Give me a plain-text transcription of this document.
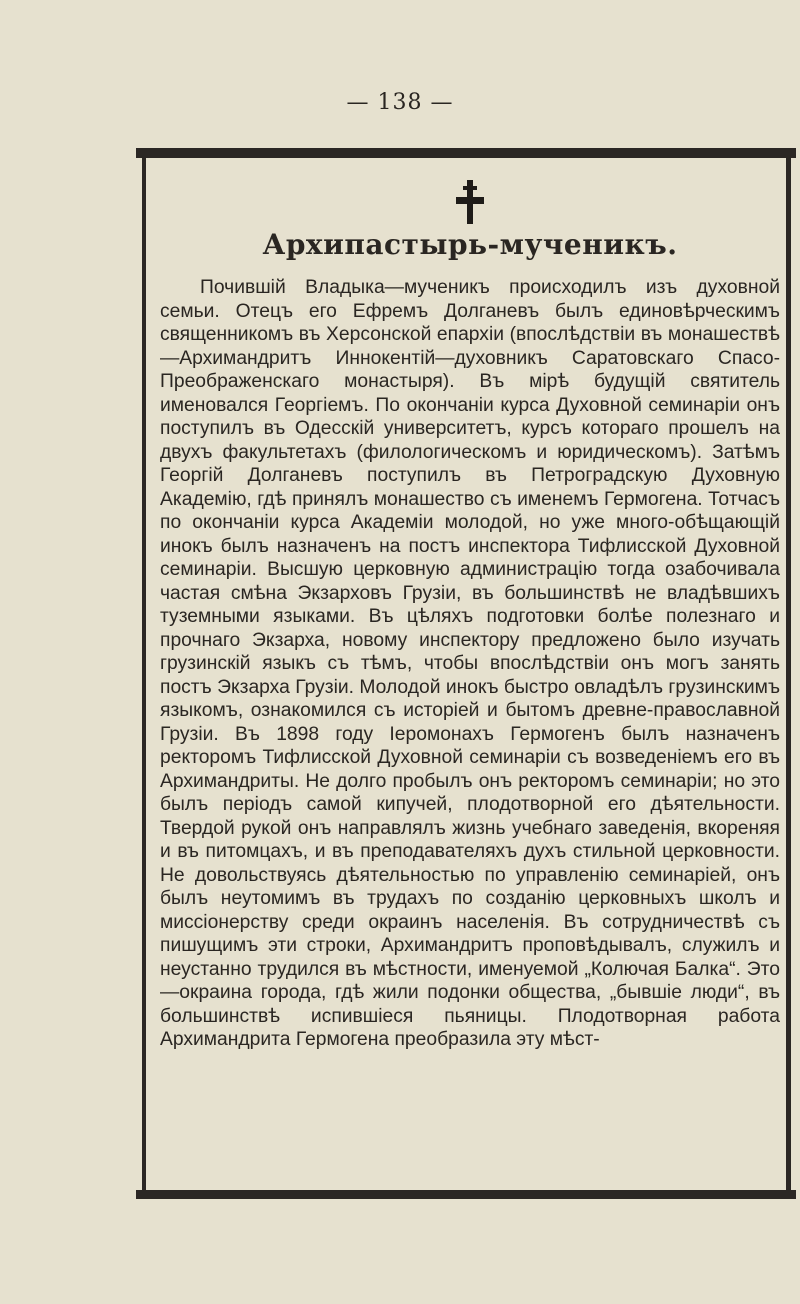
— 138 —
Архипастырь-мученикъ.

Почившій Владыка—мученикъ происходилъ изъ духовной семьи. Отецъ его Ефремъ Долганевъ былъ единовѣрческимъ священникомъ въ Херсонской епархіи (впослѣдствіи въ монашествѣ—Архимандритъ Иннокентій—духовникъ Саратовскаго Спасо-Преображенскаго монастыря). Въ мірѣ будущій святитель именовался Георгіемъ. По окончаніи курса Духовной семинаріи онъ поступилъ въ Одесскій университетъ, курсъ котораго прошелъ на двухъ факультетахъ (филологическомъ и юридическомъ). Затѣмъ Георгій Долганевъ поступилъ въ Петроградскую Духовную Академію, гдѣ принялъ монашество съ именемъ Гермогена. Тотчасъ по окончаніи курса Академіи молодой, но уже много-обѣщающій инокъ былъ назначенъ на постъ инспектора Тифлисской Духовной семинаріи. Высшую церковную администрацію тогда озабочивала частая смѣна Экзарховъ Грузіи, въ большинствѣ не владѣвшихъ туземными языками. Въ цѣляхъ подготовки болѣе полезнаго и прочнаго Экзарха, новому инспектору предложено было изучать грузинскій языкъ съ тѣмъ, чтобы впослѣдствіи онъ могъ занять постъ Экзарха Грузіи. Молодой инокъ быстро овладѣлъ грузинскимъ языкомъ, ознакомился съ исторіей и бытомъ древне-православной Грузіи. Въ 1898 году Іеромонахъ Гермогенъ былъ назначенъ ректоромъ Тифлисской Духовной семинаріи съ возведеніемъ его въ Архимандриты. Не долго пробылъ онъ ректоромъ семинаріи; но это былъ періодъ самой кипучей, плодотворной его дѣятельности. Твердой рукой онъ направлялъ жизнь учебнаго заведенія, вкореняя и въ питомцахъ, и въ преподавателяхъ духъ стильной церковности. Не довольствуясь дѣятельностью по управленію семинаріей, онъ былъ неутомимъ въ трудахъ по созданію церковныхъ школъ и миссіонерству среди окраинъ населенія. Въ сотрудничествѣ съ пишущимъ эти строки, Архимандритъ проповѣдывалъ, служилъ и неустанно трудился въ мѣстности, именуемой „Колючая Балка“. Это—окраина города, гдѣ жили подонки общества, „бывшіе люди“, въ большинствѣ испившіеся пьяницы. Плодотворная работа Архимандрита Гермогена преобразила эту мѣст-
